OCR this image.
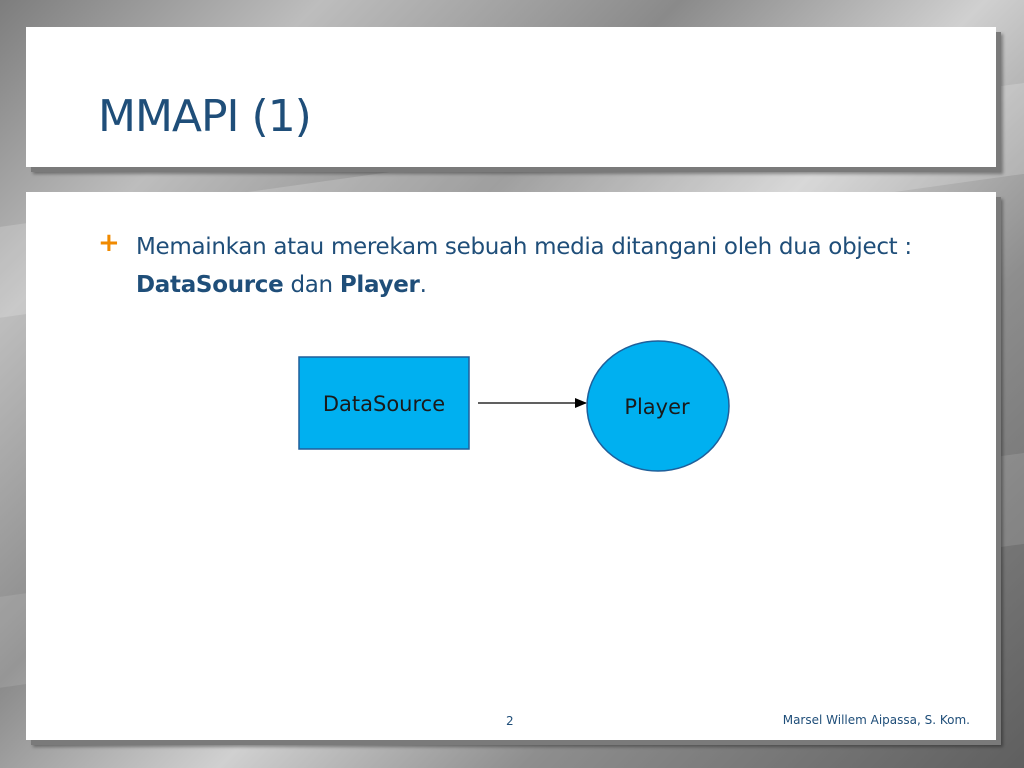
MMAPI (1)
+ Memainkan atau merekam sebuah media ditangani oleh dua object : DataSource dan Player.
DataSource	Player
2	Marsel Willem Aipassa, S. Kom.
